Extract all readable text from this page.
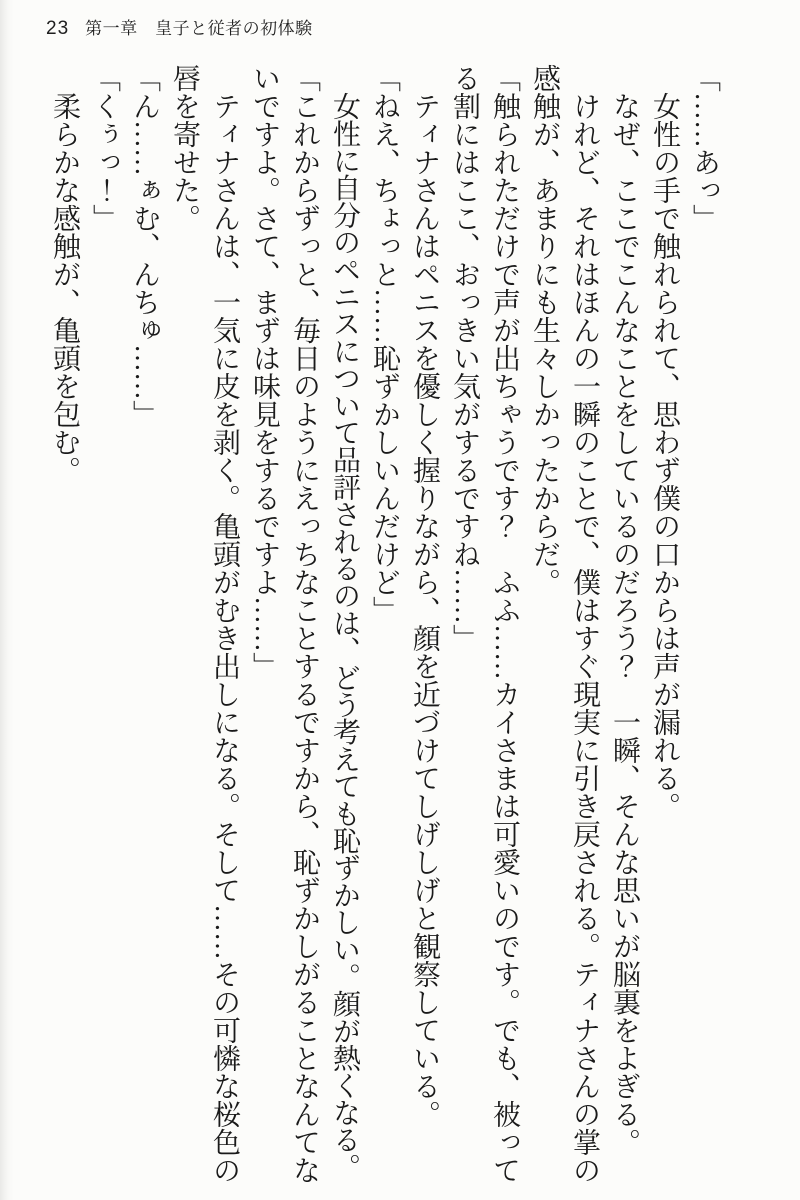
23 第一章　皇子と従者の初体験

「……あっ」

女性の手で触れられて、思わず僕の口からは声が漏れる。

なぜ、ここでこんなことをしているのだろう？　一瞬、そんな思いが脳裏をよぎる。

けれど、それはほんの一瞬のことで、僕はすぐ現実に引き戻される。ティナさんの掌の感触が、あまりにも生々しかったからだ。

「触られただけで声が出ちゃうです？　ふふ……カイさまは可愛いのです。でも、被ってる割にはここ、おっきい気がするですね……」

ティナさんはペニスを優しく握りながら、顔を近づけてしげしげと観察している。

「ねえ、ちょっと……恥ずかしいんだけど」

女性に自分のペニスについて品評されるのは、どう考えても恥ずかしい。顔が熱くなる。

「これからずっと、毎日のようにえっちなことするですから、恥ずかしがることなんてないですよ。さて、まずは味見をするですよ……」

ティナさんは、一気に皮を剥く。亀頭がむき出しになる。そして……その可憐な桜色の唇を寄せた。

「ん……ぁむ、んちゅ……」

「くぅっ！」

柔らかな感触が、亀頭を包む。
